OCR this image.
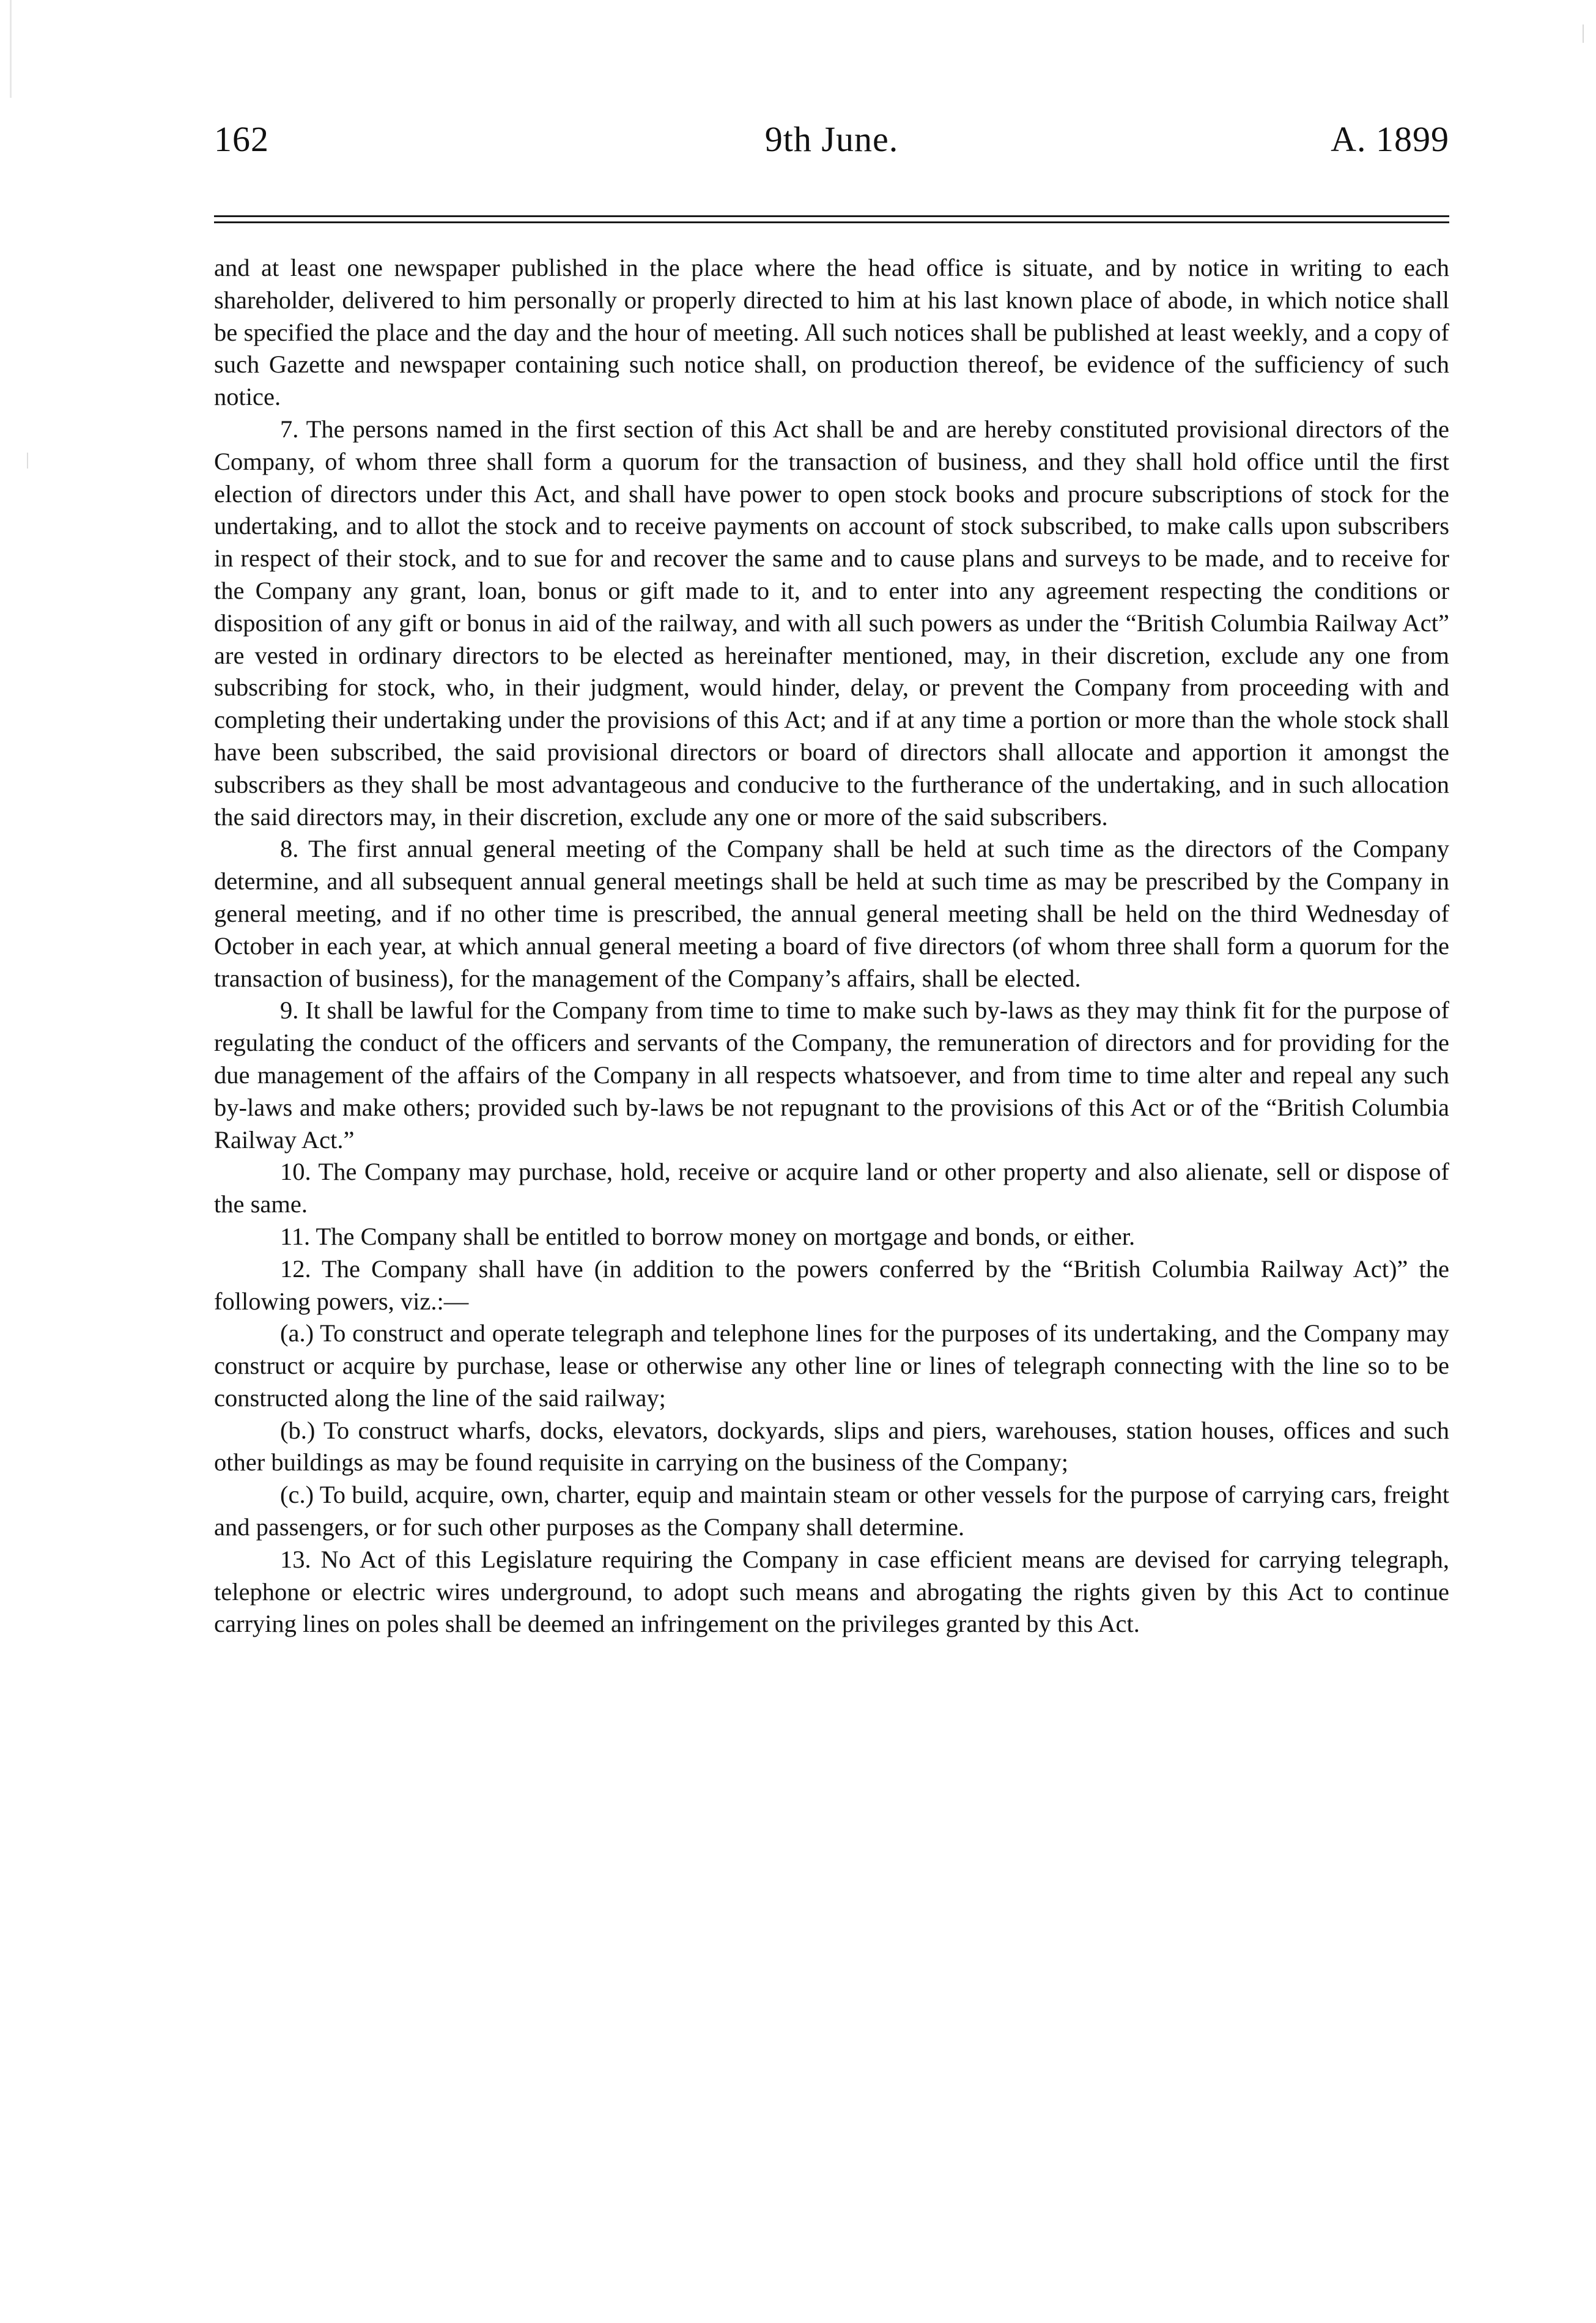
162	9th June.	A. 1899

and at least one newspaper published in the place where the head office is situate, and by notice in writing to each shareholder, delivered to him personally or properly directed to him at his last known place of abode, in which notice shall be specified the place and the day and the hour of meeting. All such notices shall be published at least weekly, and a copy of such Gazette and newspaper containing such notice shall, on production thereof, be evidence of the sufficiency of such notice.

7. The persons named in the first section of this Act shall be and are hereby constituted provisional directors of the Company, of whom three shall form a quorum for the transaction of business, and they shall hold office until the first election of directors under this Act, and shall have power to open stock books and procure subscriptions of stock for the undertaking, and to allot the stock and to receive payments on account of stock subscribed, to make calls upon subscribers in respect of their stock, and to sue for and recover the same and to cause plans and surveys to be made, and to receive for the Company any grant, loan, bonus or gift made to it, and to enter into any agreement respecting the conditions or disposition of any gift or bonus in aid of the railway, and with all such powers as under the “British Columbia Railway Act” are vested in ordinary directors to be elected as hereinafter mentioned, may, in their discretion, exclude any one from subscribing for stock, who, in their judgment, would hinder, delay, or prevent the Company from proceeding with and completing their undertaking under the provisions of this Act; and if at any time a portion or more than the whole stock shall have been subscribed, the said provisional directors or board of directors shall allocate and apportion it amongst the subscribers as they shall be most advantageous and conducive to the furtherance of the undertaking, and in such allocation the said directors may, in their discretion, exclude any one or more of the said subscribers.

8. The first annual general meeting of the Company shall be held at such time as the directors of the Company determine, and all subsequent annual general meetings shall be held at such time as may be prescribed by the Company in general meeting, and if no other time is prescribed, the annual general meeting shall be held on the third Wednesday of October in each year, at which annual general meeting a board of five directors (of whom three shall form a quorum for the transaction of business), for the management of the Company’s affairs, shall be elected.

9. It shall be lawful for the Company from time to time to make such by-laws as they may think fit for the purpose of regulating the conduct of the officers and servants of the Company, the remuneration of directors and for providing for the due management of the affairs of the Company in all respects whatsoever, and from time to time alter and repeal any such by-laws and make others; provided such by-laws be not repugnant to the provisions of this Act or of the “British Columbia Railway Act.”

10. The Company may purchase, hold, receive or acquire land or other property and also alienate, sell or dispose of the same.

11. The Company shall be entitled to borrow money on mortgage and bonds, or either.

12. The Company shall have (in addition to the powers conferred by the “British Columbia Railway Act)” the following powers, viz.:—

(a.) To construct and operate telegraph and telephone lines for the purposes of its undertaking, and the Company may construct or acquire by purchase, lease or otherwise any other line or lines of telegraph connecting with the line so to be constructed along the line of the said railway;

(b.) To construct wharfs, docks, elevators, dockyards, slips and piers, warehouses, station houses, offices and such other buildings as may be found requisite in carrying on the business of the Company;

(c.) To build, acquire, own, charter, equip and maintain steam or other vessels for the purpose of carrying cars, freight and passengers, or for such other purposes as the Company shall determine.

13. No Act of this Legislature requiring the Company in case efficient means are devised for carrying telegraph, telephone or electric wires underground, to adopt such means and abrogating the rights given by this Act to continue carrying lines on poles shall be deemed an infringement on the privileges granted by this Act.
